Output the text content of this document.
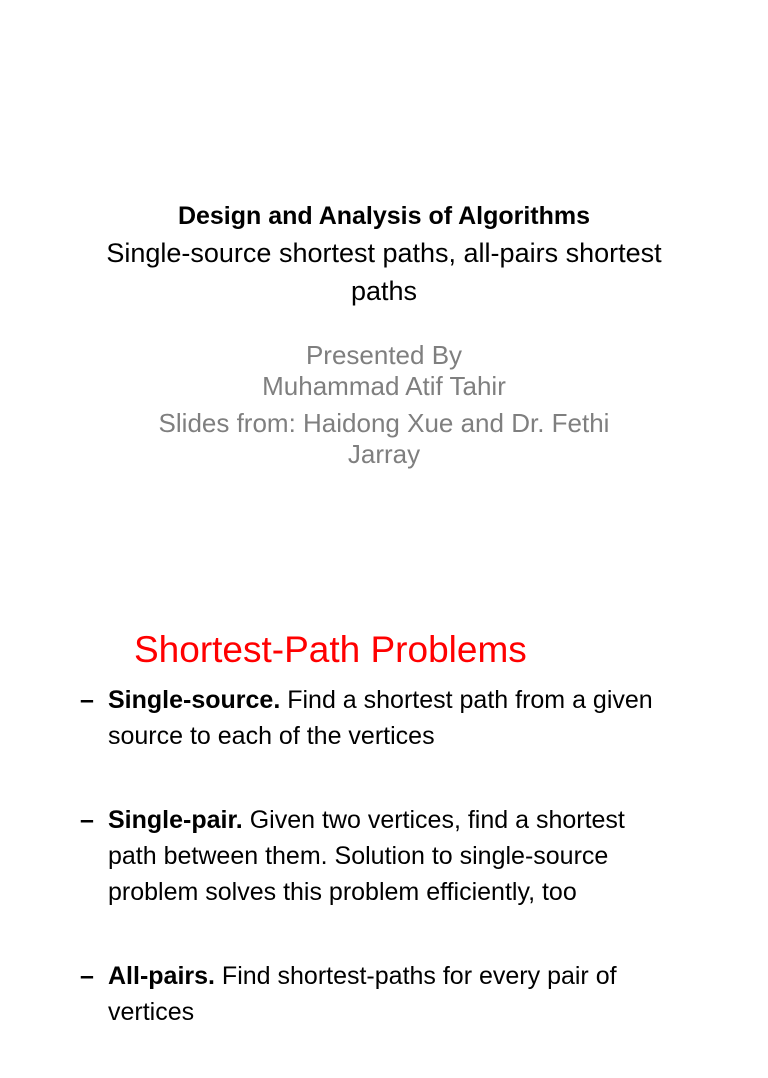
Design and Analysis of Algorithms

Single-source shortest paths, all-pairs shortest
paths

Presented By
Muhammad Atif Tahir
Slides from: Haidong Xue and Dr. Fethi
Jarray
Shortest-Path Problems
– Single-source. Find a shortest path from a given
source to each of the vertices
– Single-pair. Given two vertices, find a shortest
path between them. Solution to single-source
problem solves this problem efficiently, too
– All-pairs. Find shortest-paths for every pair of
vertices
